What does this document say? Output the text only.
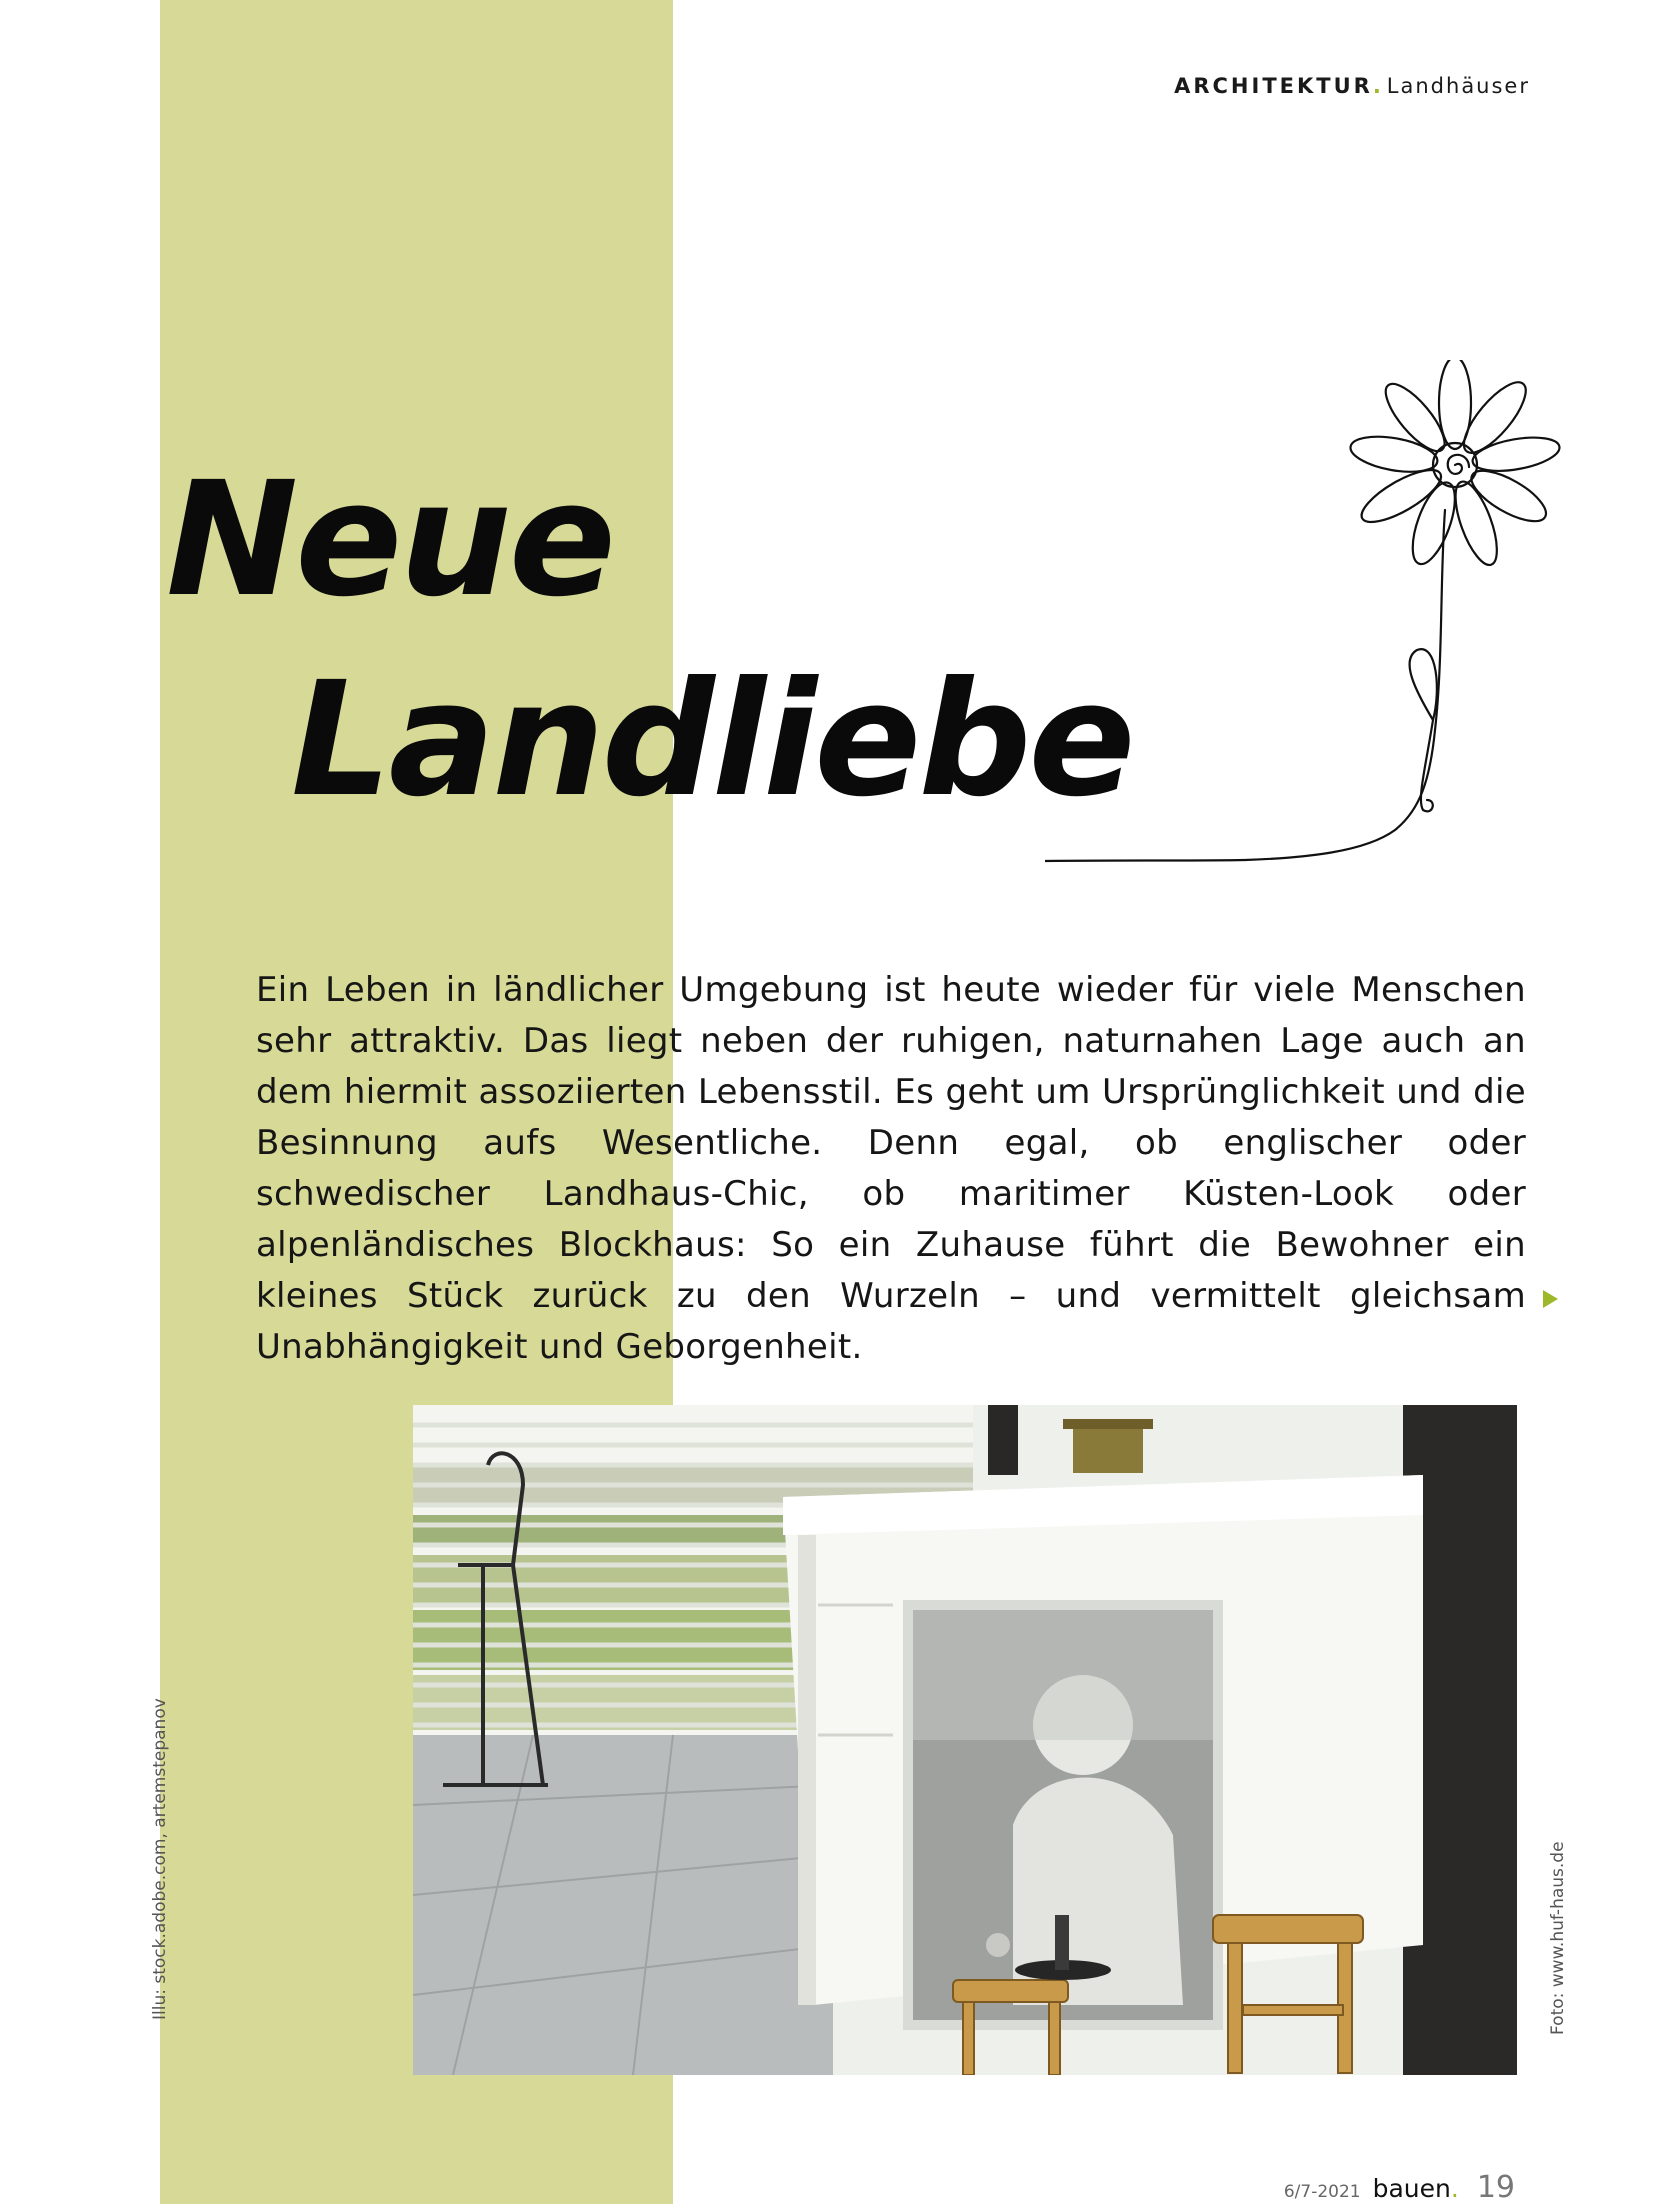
ARCHITEKTUR. Landhäuser
Neue
Landliebe

Ein Leben in ländlicher Umgebung ist heute wieder für viele Menschen sehr attraktiv. Das liegt neben der ruhigen, naturnahen Lage auch an dem hiermit assoziierten Lebensstil. Es geht um Ursprünglichkeit und die Besinnung aufs Wesentliche. Denn egal, ob englischer oder schwedischer Landhaus-Chic, ob maritimer Küsten-Look oder alpenländisches Blockhaus: So ein Zuhause führt die Bewohner ein kleines Stück zurück zu den Wurzeln – und vermittelt gleichsam Unabhängigkeit und Geborgenheit.

Illu: stock.adobe.com, artemstepanov	Foto: www.huf-haus.de
6/7-2021 bauen. 19
